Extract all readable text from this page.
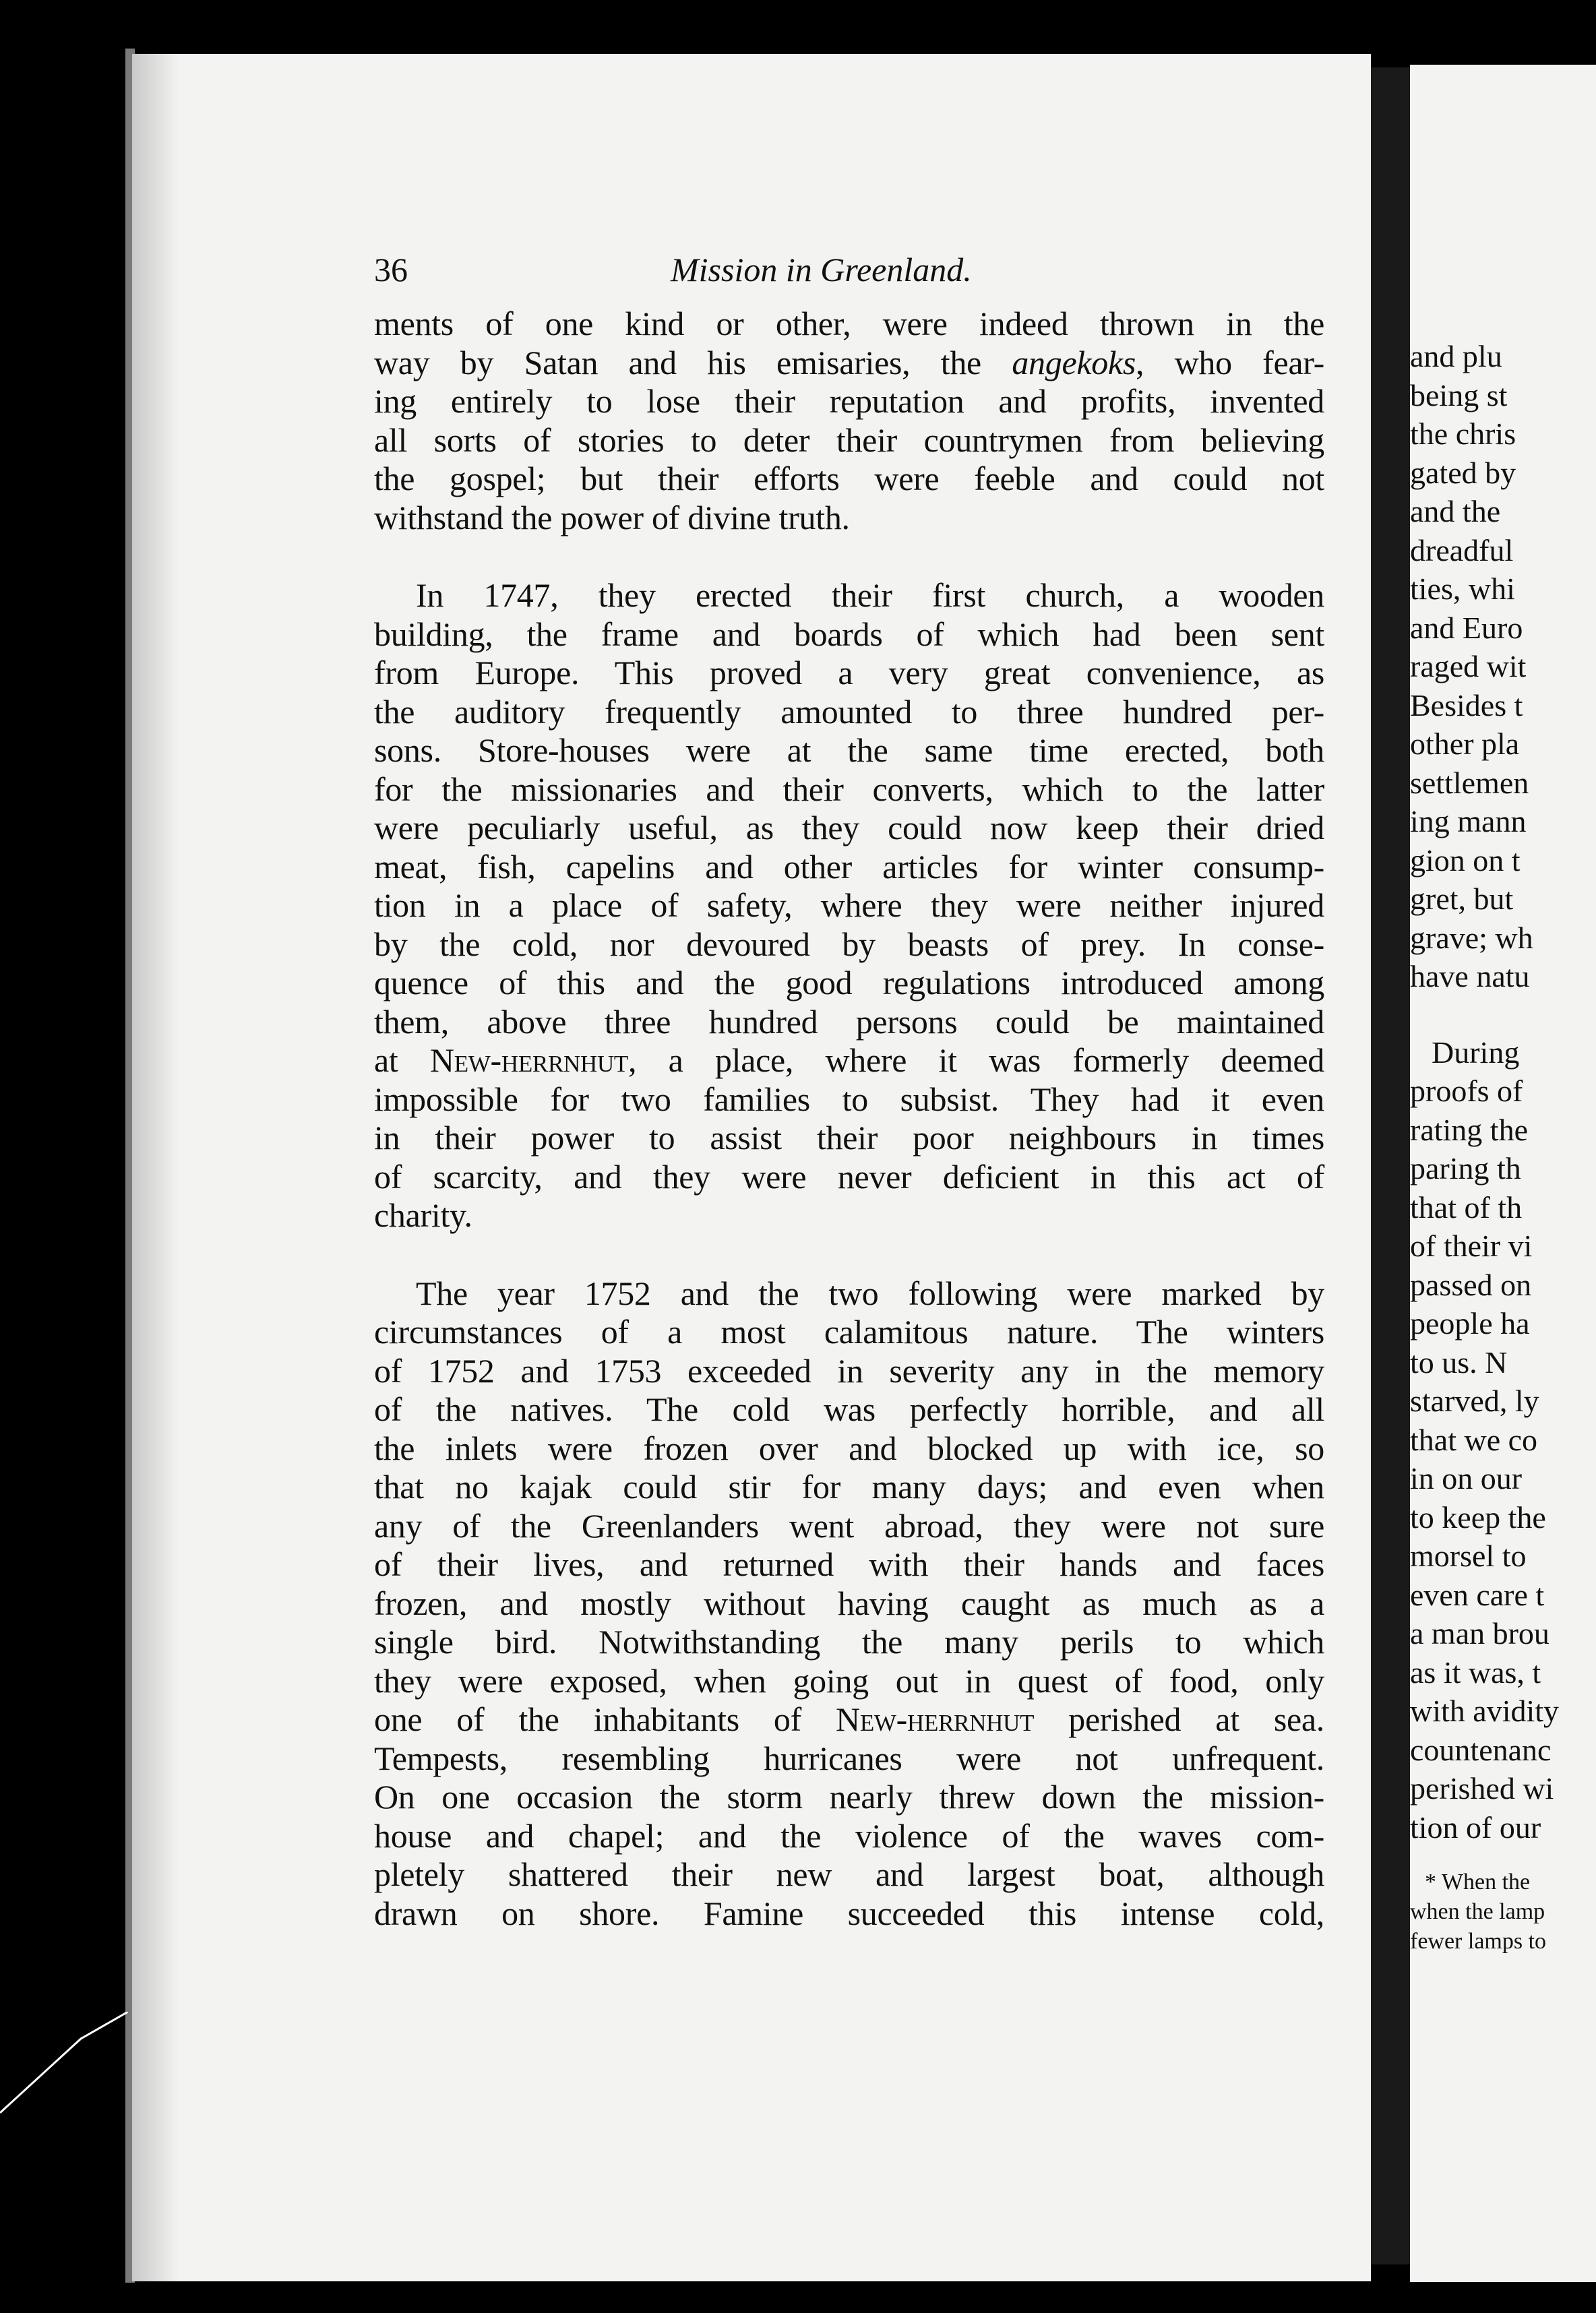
36	Mission in Greenland.
ments of one kind or other, were indeed thrown in the
way by Satan and his emisaries, the angekoks, who fear-
ing entirely to lose their reputation and profits, invented
all sorts of stories to deter their countrymen from believing
the gospel; but their efforts were feeble and could not
withstand the power of divine truth.
In 1747, they erected their first church, a wooden
building, the frame and boards of which had been sent
from Europe. This proved a very great convenience, as
the auditory frequently amounted to three hundred per-
sons. Store-houses were at the same time erected, both
for the missionaries and their converts, which to the latter
were peculiarly useful, as they could now keep their dried
meat, fish, capelins and other articles for winter consump-
tion in a place of safety, where they were neither injured
by the cold, nor devoured by beasts of prey. In conse-
quence of this and the good regulations introduced among
them, above three hundred persons could be maintained
at New-herrnhut, a place, where it was formerly deemed
impossible for two families to subsist. They had it even
in their power to assist their poor neighbours in times
of scarcity, and they were never deficient in this act of
charity.
The year 1752 and the two following were marked by
circumstances of a most calamitous nature. The winters
of 1752 and 1753 exceeded in severity any in the memory
of the natives. The cold was perfectly horrible, and all
the inlets were frozen over and blocked up with ice, so
that no kajak could stir for many days; and even when
any of the Greenlanders went abroad, they were not sure
of their lives, and returned with their hands and faces
frozen, and mostly without having caught as much as a
single bird. Notwithstanding the many perils to which
they were exposed, when going out in quest of food, only
one of the inhabitants of New-herrnhut perished at sea.
Tempests, resembling hurricanes were not unfrequent.
On one occasion the storm nearly threw down the mission-
house and chapel; and the violence of the waves com-
pletely shattered their new and largest boat, although
drawn on shore. Famine succeeded this intense cold,
and plu
being st
the chris
gated by
and the
dreadful
ties, whi
and Euro
raged wit
Besides t
other pla
settlemen
ing mann
gion on t
gret, but
grave; wh
have natu
During
proofs of
rating the
paring th
that of th
of their vi
passed on
people ha
to us. N
starved, ly
that we co
in on our
to keep the
morsel to
even care t
a man brou
as it was, t
with avidity
countenanc
perished wi
tion of our
* When the
when the lamp
fewer lamps to
